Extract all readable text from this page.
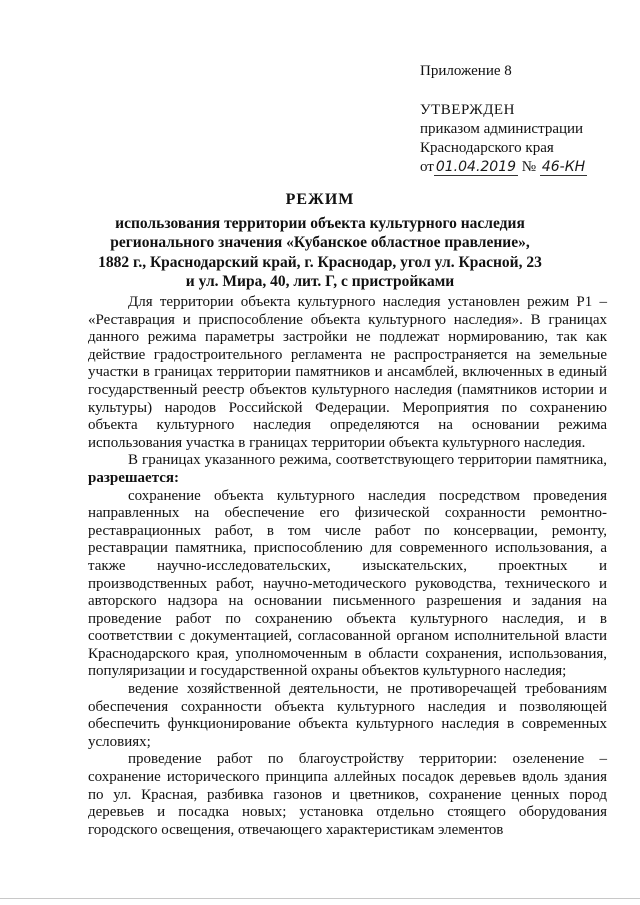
Приложение 8
УТВЕРЖДЕН
приказом администрации
Краснодарского края
от 01.04.2019 № 46-КН
РЕЖИМ
использования территории объекта культурного наследия
регионального значения «Кубанское областное правление»,
1882 г., Краснодарский край, г. Краснодар, угол ул. Красной, 23
и ул. Мира, 40, лит. Г, с пристройками

Для территории объекта культурного наследия установлен режим Р1 – «Реставрация и приспособление объекта культурного наследия». В границах данного режима параметры застройки не подлежат нормированию, так как действие градостроительного регламента не распространяется на земельные участки в границах территории памятников и ансамблей, включенных в единый государственный реестр объектов культурного наследия (памятников истории и культуры) народов Российской Федерации. Мероприятия по сохранению объекта культурного наследия определяются на основании режима использования участка в границах территории объекта культурного наследия.

В границах указанного режима, соответствующего территории памятника, разрешается:

сохранение объекта культурного наследия посредством проведения направленных на обеспечение его физической сохранности ремонтно-реставрационных работ, в том числе работ по консервации, ремонту, реставрации памятника, приспособлению для современного использования, а также научно-исследовательских, изыскательских, проектных и производственных работ, научно-методического руководства, технического и авторского надзора на основании письменного разрешения и задания на проведение работ по сохранению объекта культурного наследия, и в соответствии с документацией, согласованной органом исполнительной власти Краснодарского края, уполномоченным в области сохранения, использования, популяризации и государственной охраны объектов культурного наследия;

ведение хозяйственной деятельности, не противоречащей требованиям обеспечения сохранности объекта культурного наследия и позволяющей обеспечить функционирование объекта культурного наследия в современных условиях;

проведение работ по благоустройству территории: озеленение – сохранение исторического принципа аллейных посадок деревьев вдоль здания по ул. Красная, разбивка газонов и цветников, сохранение ценных пород деревьев и посадка новых; установка отдельно стоящего оборудования городского освещения, отвечающего характеристикам элементов
